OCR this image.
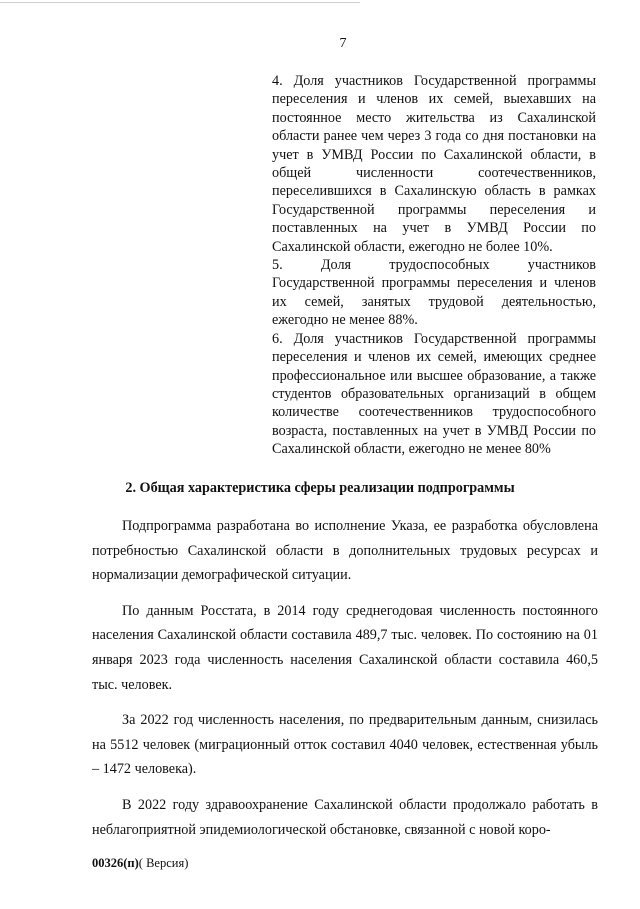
7

4. Доля участников Государственной программы переселения и членов их семей, выехавших на постоянное место жительства из Сахалинской области ранее чем через 3 года со дня постановки на учет в УМВД России по Сахалинской области, в общей численности соотечественников, переселившихся в Сахалинскую область в рамках Государственной программы переселения и поставленных на учет в УМВД России по Сахалинской области, ежегодно не более 10%.

5. Доля трудоспособных участников Государственной программы переселения и членов их семей, занятых трудовой деятельностью, ежегодно не менее 88%.

6. Доля участников Государственной программы переселения и членов их семей, имеющих среднее профессиональное или высшее образование, а также студентов образовательных организаций в общем количестве соотечественников трудоспособного возраста, поставленных на учет в УМВД России по Сахалинской области, ежегодно не менее 80%

2. Общая характеристика сферы реализации подпрограммы

Подпрограмма разработана во исполнение Указа, ее разработка обусловлена потребностью Сахалинской области в дополнительных трудовых ресурсах и нормализации демографической ситуации.

По данным Росстата, в 2014 году среднегодовая численность постоянного населения Сахалинской области составила 489,7 тыс. человек. По состоянию на 01 января 2023 года численность населения Сахалинской области составила 460,5 тыс. человек.

За 2022 год численность населения, по предварительным данным, снизилась на 5512 человек (миграционный отток составил 4040 человек, естественная убыль – 1472 человека).

В 2022 году здравоохранение Сахалинской области продолжало работать в неблагоприятной эпидемиологической обстановке, связанной с новой коро-

00326(п)( Версия)
